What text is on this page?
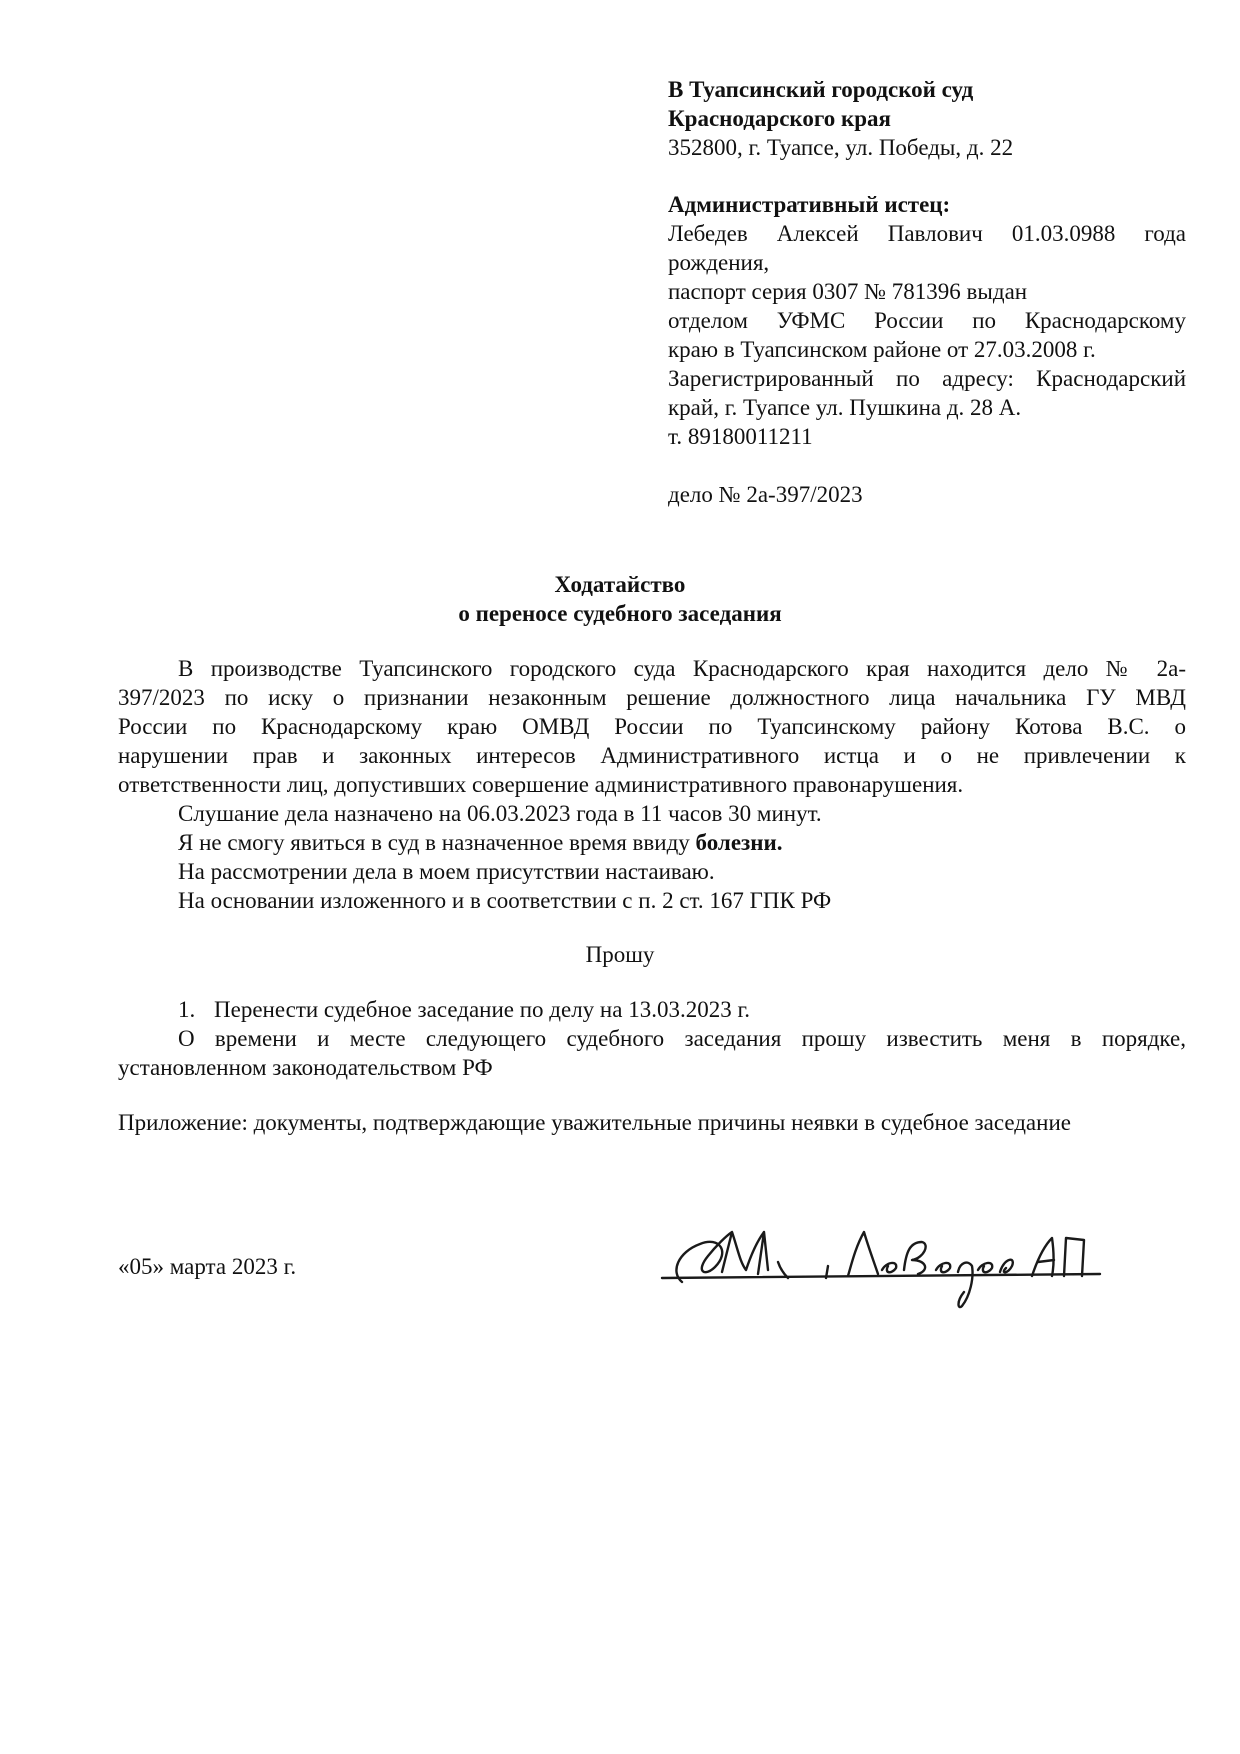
В Туапсинский городской суд
Краснодарского края
352800, г. Туапсе, ул. Победы, д. 22
Административный истец:
Лебедев Алексей Павлович 01.03.0988 года
рождения,
паспорт серия 0307 № 781396 выдан
отделом УФМС России по Краснодарскому
краю в Туапсинском районе от 27.03.2008 г.
Зарегистрированный по адресу: Краснодарский
край, г. Туапсе ул. Пушкина д. 28 А.
т. 89180011211
дело № 2а-397/2023
Ходатайство
о переносе судебного заседания
В производстве Туапсинского городского суда Краснодарского края находится дело № 2а-
397/2023 по иску о признании незаконным решение должностного лица начальника ГУ МВД
России по Краснодарскому краю ОМВД России по Туапсинскому району Котова В.С. о
нарушении прав и законных интересов Административного истца и о не привлечении к
ответственности лиц, допустивших совершение административного правонарушения.
Слушание дела назначено на 06.03.2023 года в 11 часов 30 минут.
Я не смогу явиться в суд в назначенное время ввиду болезни.
На рассмотрении дела в моем присутствии настаиваю.
На основании изложенного и в соответствии с п. 2 ст. 167 ГПК РФ
Прошу
1. Перенести судебное заседание по делу на 13.03.2023 г.
О времени и месте следующего судебного заседания прошу известить меня в порядке,
установленном законодательством РФ
Приложение: документы, подтверждающие уважительные причины неявки в судебное заседание
«05» марта 2023 г.
